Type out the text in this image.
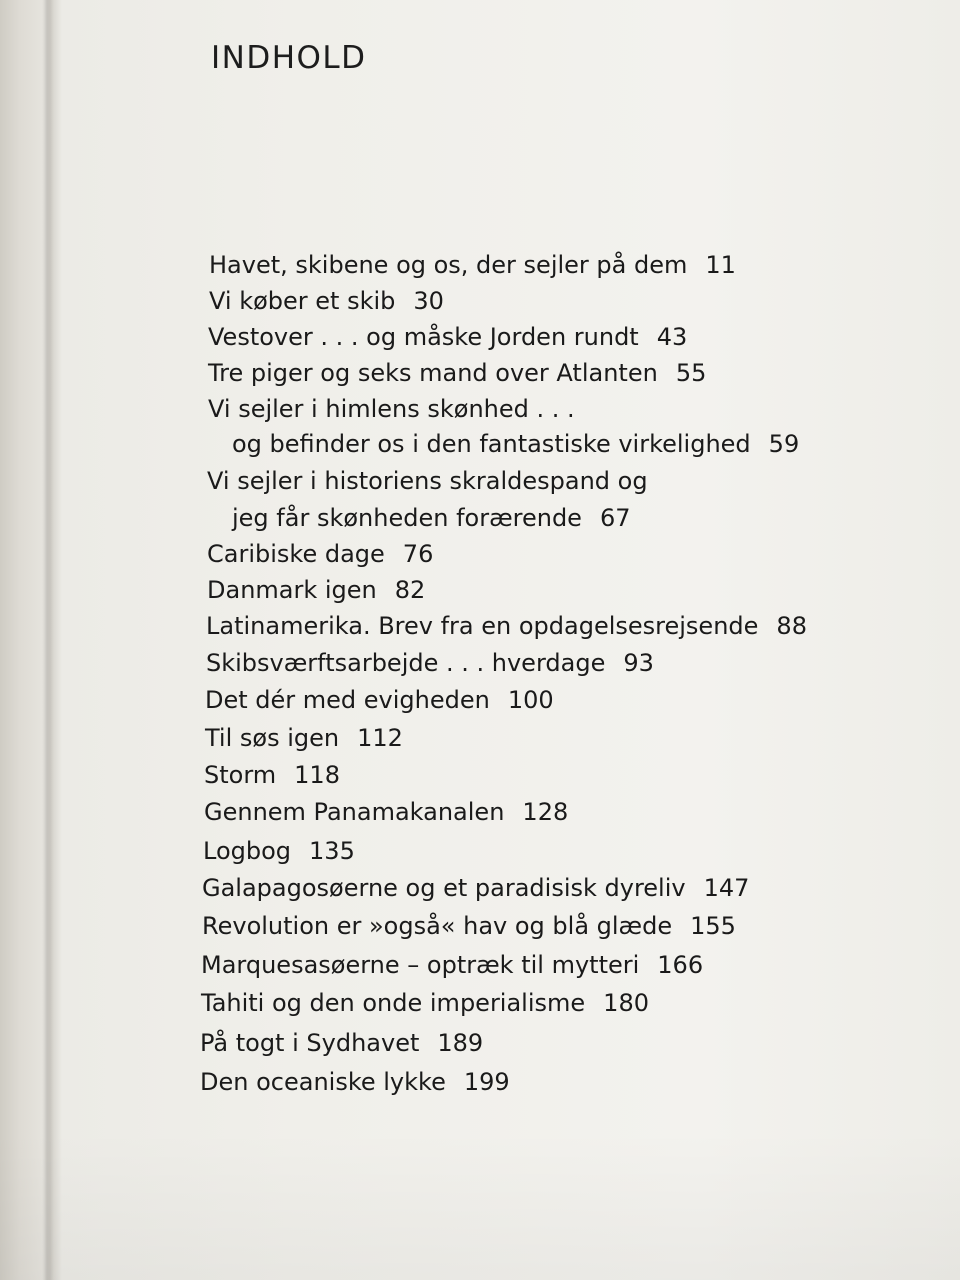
INDHOLD
Havet, skibene og os, der sejler på dem 11
Vi køber et skib 30
Vestover . . . og måske Jorden rundt 43
Tre piger og seks mand over Atlanten 55
Vi sejler i himlens skønhed . . .
og befinder os i den fantastiske virkelighed 59
Vi sejler i historiens skraldespand og
jeg får skønheden forærende 67
Caribiske dage 76
Danmark igen 82
Latinamerika. Brev fra en opdagelsesrejsende 88
Skibsværftsarbejde . . . hverdage 93
Det dér med evigheden 100
Til søs igen 112
Storm 118
Gennem Panamakanalen 128
Logbog 135
Galapagosøerne og et paradisisk dyreliv 147
Revolution er »også« hav og blå glæde 155
Marquesasøerne – optræk til mytteri 166
Tahiti og den onde imperialisme 180
På togt i Sydhavet 189
Den oceaniske lykke 199
